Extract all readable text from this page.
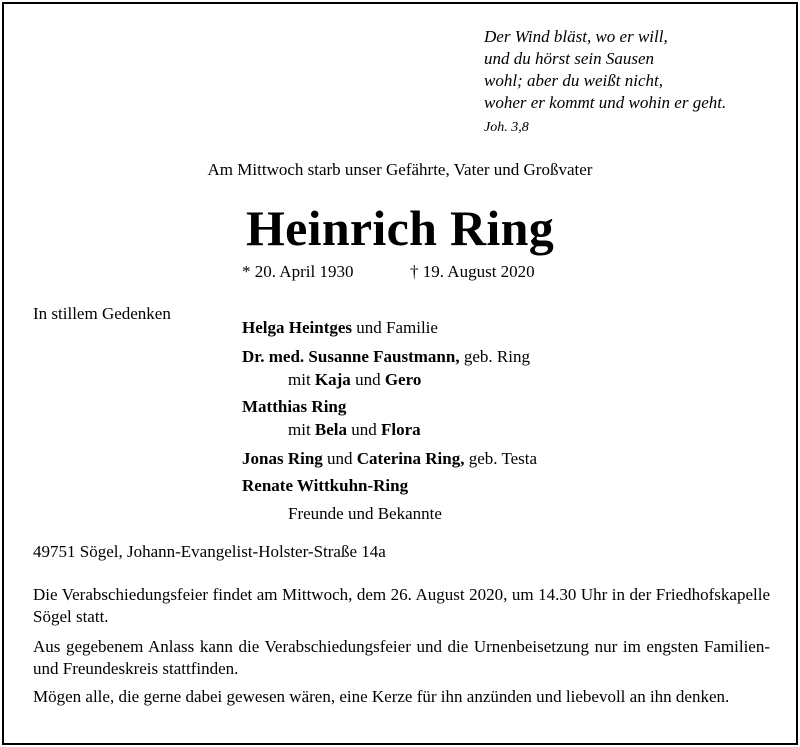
Der Wind bläst, wo er will,
und du hörst sein Sausen
wohl; aber du weißt nicht,
woher er kommt und wohin er geht.
Joh. 3,8
Am Mittwoch starb unser Gefährte, Vater und Großvater
Heinrich Ring
* 20. April 1930	† 19. August 2020
In stillem Gedenken
Helga Heintges und Familie
Dr. med. Susanne Faustmann, geb. Ring
mit Kaja und Gero
Matthias Ring
mit Bela und Flora
Jonas Ring und Caterina Ring, geb. Testa
Renate Wittkuhn-Ring
Freunde und Bekannte
49751 Sögel, Johann-Evangelist-Holster-Straße 14a
Die Verabschiedungsfeier findet am Mittwoch, dem 26. August 2020, um 14.30 Uhr in der Friedhofskapelle Sögel statt.
Aus gegebenem Anlass kann die Verabschiedungsfeier und die Urnenbeisetzung nur im engsten Familien- und Freundeskreis stattfinden.
Mögen alle, die gerne dabei gewesen wären, eine Kerze für ihn anzünden und liebevoll an ihn denken.
